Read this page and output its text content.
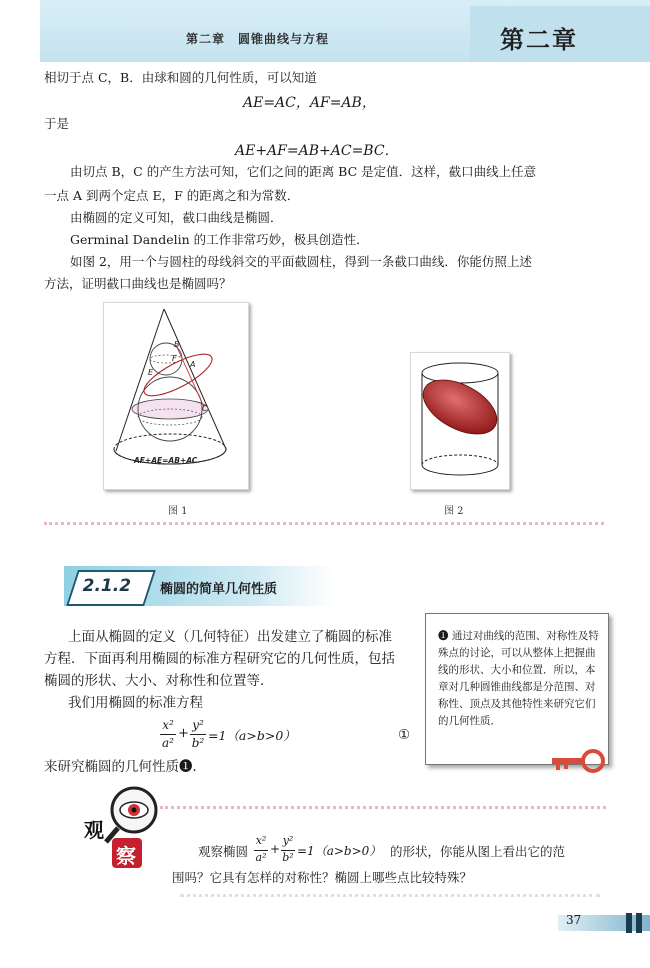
第二章　圆锥曲线与方程	第二章
相切于点 C，B．由球和圆的几何性质，可以知道
AE=AC，AF=AB，
于是
AE+AF=AB+AC=BC．
由切点 B，C 的产生方法可知，它们之间的距离 BC 是定值．这样，截口曲线上任意
一点 A 到两个定点 E，F 的距离之和为常数．
由椭圆的定义可知，截口曲线是椭圆．
Germinal Dandelin 的工作非常巧妙，极具创造性．
如图 2，用一个与圆柱的母线斜交的平面截圆柱，得到一条截口曲线．你能仿照上述
方法，证明截口曲线也是椭圆吗？
B
F
A
E
C
AF+AE=AB+AC
图 1	图 2
2.1.2 椭圆的简单几何性质
上面从椭圆的定义（几何特征）出发建立了椭圆的标准
方程．下面再利用椭圆的标准方程研究它的几何性质，包括
椭圆的形状、大小、对称性和位置等．
我们用椭圆的标准方程
x²
a²
+
y²
b² =1（a>b>0）	①
来研究椭圆的几何性质❶．
❶ 通过对曲线的范围、对称性及特殊点的讨论，可以从整体上把握曲线的形状、大小和位置．所以，本章对几种圆锥曲线都是分范围、对称性、顶点及其他特性来研究它们的几何性质．
观
察	观察椭圆
x²
a²
+
y²
b² =1（a>b>0） 的形状，你能从图上看出它的范
围吗？它具有怎样的对称性？椭圆上哪些点比较特殊？
37
